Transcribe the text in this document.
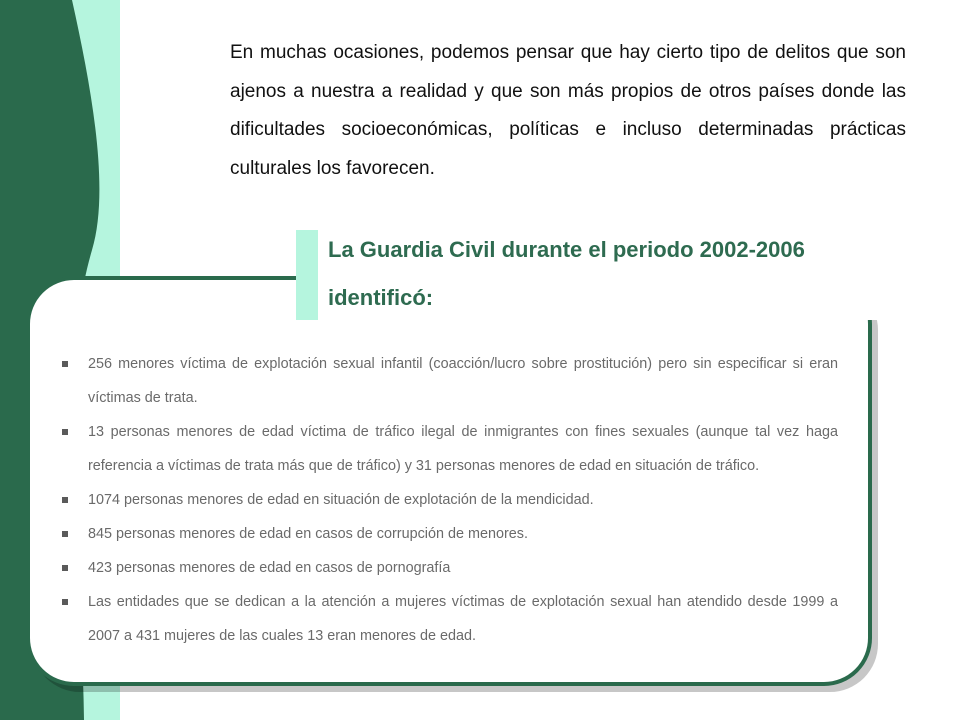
En muchas ocasiones, podemos pensar que hay cierto tipo de delitos que son ajenos a nuestra a realidad y que son más propios de otros países donde las dificultades socioeconómicas, políticas e incluso determinadas prácticas culturales los favorecen.

La Guardia Civil durante el periodo 2002-2006 identificó:
256 menores víctima de explotación sexual infantil (coacción/lucro sobre prostitución) pero sin especificar si eran víctimas de trata.
13 personas menores de edad víctima de tráfico ilegal de inmigrantes con fines sexuales (aunque tal vez haga referencia a víctimas de trata más que de tráfico) y 31 personas menores de edad en situación de tráfico.
1074 personas menores de edad en situación de explotación de la mendicidad.
845 personas menores de edad en casos de corrupción de menores.
423 personas menores de edad en casos de pornografía
Las entidades que se dedican a la atención a mujeres víctimas de explotación sexual han atendido desde 1999 a 2007 a 431 mujeres de las cuales 13 eran menores de edad.
